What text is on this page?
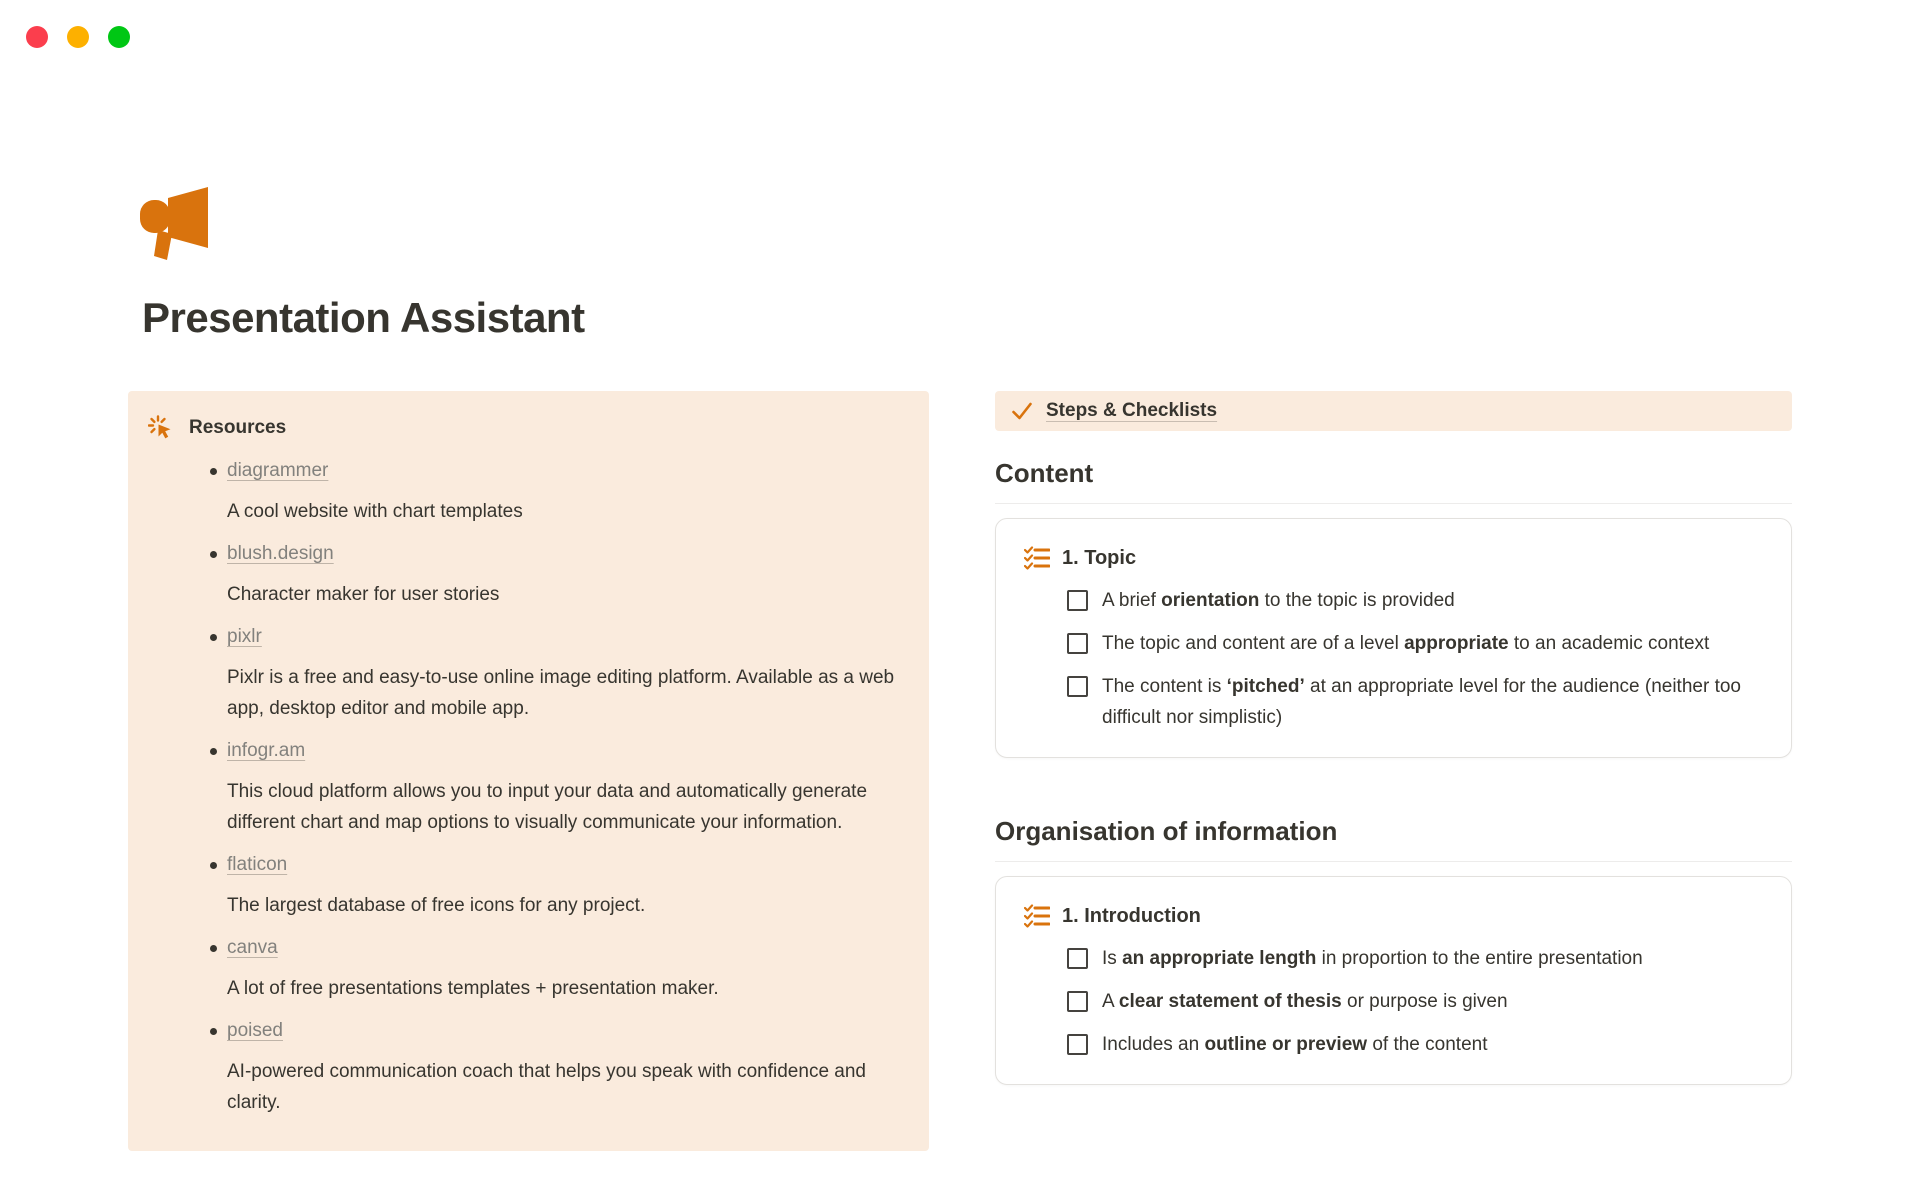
Presentation Assistant
Resources
diagrammer
A cool website with chart templates
blush.design
Character maker for user stories
pixlr
Pixlr is a free and easy-to-use online image editing platform. Available as a web app, desktop editor and mobile app.
infogr.am
This cloud platform allows you to input your data and automatically generate different chart and map options to visually communicate your information.
flaticon
The largest database of free icons for any project.
canva
A lot of free presentations templates + presentation maker.
poised
AI-powered communication coach that helps you speak with confidence and clarity.
Steps & Checklists
Content
1. Topic
A brief orientation to the topic is provided
The topic and content are of a level appropriate to an academic context
The content is ‘pitched’ at an appropriate level for the audience (neither too difficult nor simplistic)
Organisation of information
1. Introduction
Is an appropriate length in proportion to the entire presentation
A clear statement of thesis or purpose is given
Includes an outline or preview of the content
